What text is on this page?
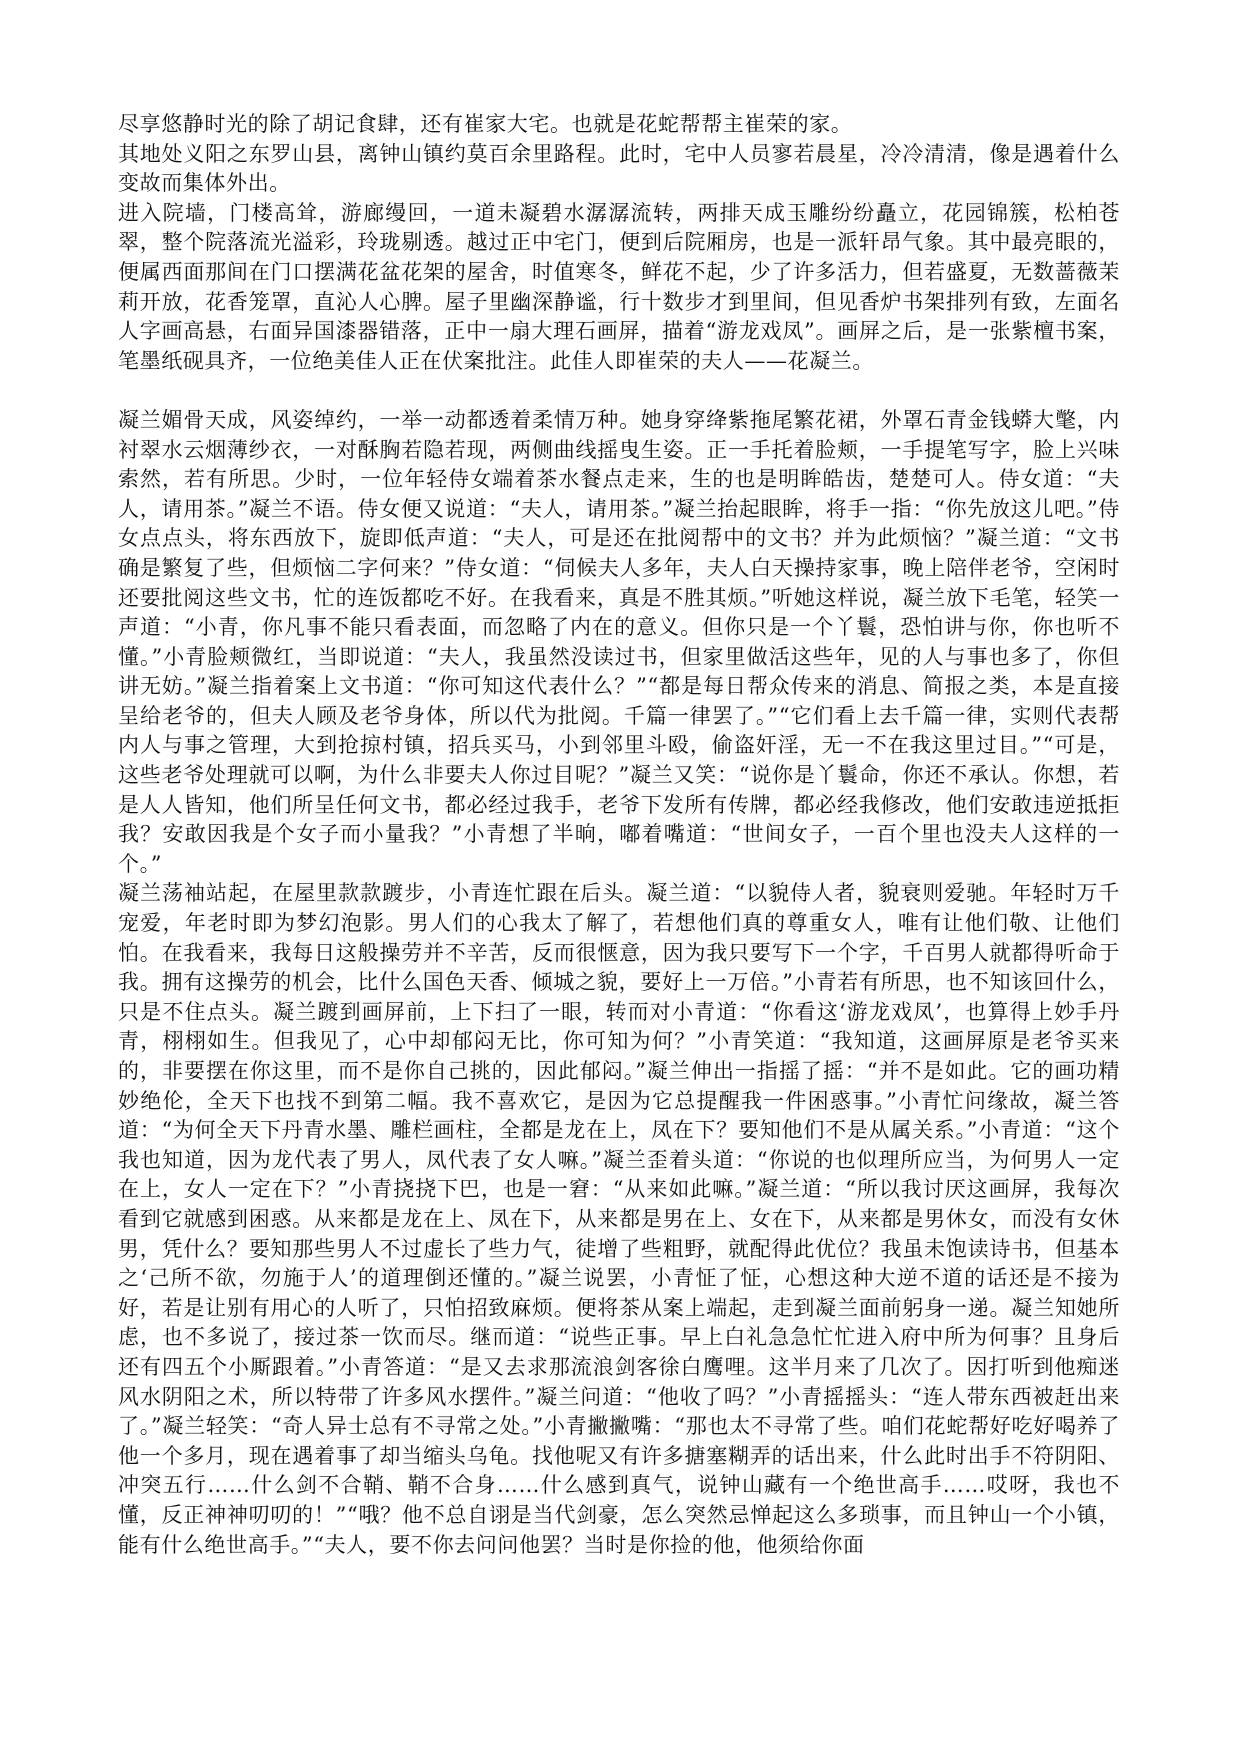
尽享悠静时光的除了胡记食肆，还有崔家大宅。也就是花蛇帮帮主崔荣的家。

其地处义阳之东罗山县，离钟山镇约莫百余里路程。此时，宅中人员寥若晨星，冷冷清清，像是遇着什么变故而集体外出。

进入院墙，门楼高耸，游廊缦回，一道未凝碧水潺潺流转，两排天成玉雕纷纷矗立，花园锦簇，松柏苍翠，整个院落流光溢彩，玲珑剔透。越过正中宅门，便到后院厢房，也是一派轩昂气象。其中最亮眼的，便属西面那间在门口摆满花盆花架的屋舍，时值寒冬，鲜花不起，少了许多活力，但若盛夏，无数蔷薇茉莉开放，花香笼罩，直沁人心脾。屋子里幽深静谧，行十数步才到里间，但见香炉书架排列有致，左面名人字画高悬，右面异国漆器错落，正中一扇大理石画屏，描着“游龙戏凤”。画屏之后，是一张紫檀书案，笔墨纸砚具齐，一位绝美佳人正在伏案批注。此佳人即崔荣的夫人——花凝兰。

凝兰媚骨天成，风姿绰约，一举一动都透着柔情万种。她身穿绛紫拖尾繁花裙，外罩石青金钱蟒大氅，内衬翠水云烟薄纱衣，一对酥胸若隐若现，两侧曲线摇曳生姿。正一手托着脸颊，一手提笔写字，脸上兴味索然，若有所思。少时，一位年轻侍女端着茶水餐点走来，生的也是明眸皓齿，楚楚可人。侍女道：“夫人，请用茶。”凝兰不语。侍女便又说道：“夫人，请用茶。”凝兰抬起眼眸，将手一指：“你先放这儿吧。”侍女点点头，将东西放下，旋即低声道：“夫人，可是还在批阅帮中的文书？并为此烦恼？”凝兰道：“文书确是繁复了些，但烦恼二字何来？”侍女道：“伺候夫人多年，夫人白天操持家事，晚上陪伴老爷，空闲时还要批阅这些文书，忙的连饭都吃不好。在我看来，真是不胜其烦。”听她这样说，凝兰放下毛笔，轻笑一声道：“小青，你凡事不能只看表面，而忽略了内在的意义。但你只是一个丫鬟，恐怕讲与你，你也听不懂。”小青脸颊微红，当即说道：“夫人，我虽然没读过书，但家里做活这些年，见的人与事也多了，你但讲无妨。”凝兰指着案上文书道：“你可知这代表什么？”“都是每日帮众传来的消息、简报之类，本是直接呈给老爷的，但夫人顾及老爷身体，所以代为批阅。千篇一律罢了。”“它们看上去千篇一律，实则代表帮内人与事之管理，大到抢掠村镇，招兵买马，小到邻里斗殴，偷盗奸淫，无一不在我这里过目。”“可是，这些老爷处理就可以啊，为什么非要夫人你过目呢？”凝兰又笑：“说你是丫鬟命，你还不承认。你想，若是人人皆知，他们所呈任何文书，都必经过我手，老爷下发所有传牌，都必经我修改，他们安敢违逆抵拒我？安敢因我是个女子而小量我？”小青想了半晌，嘟着嘴道：“世间女子，一百个里也没夫人这样的一个。”

凝兰荡袖站起，在屋里款款踱步，小青连忙跟在后头。凝兰道：“以貌侍人者，貌衰则爱驰。年轻时万千宠爱，年老时即为梦幻泡影。男人们的心我太了解了，若想他们真的尊重女人，唯有让他们敬、让他们怕。在我看来，我每日这般操劳并不辛苦，反而很惬意，因为我只要写下一个字，千百男人就都得听命于我。拥有这操劳的机会，比什么国色天香、倾城之貌，要好上一万倍。”小青若有所思，也不知该回什么，只是不住点头。凝兰踱到画屏前，上下扫了一眼，转而对小青道：“你看这‘游龙戏凤’，也算得上妙手丹青，栩栩如生。但我见了，心中却郁闷无比，你可知为何？”小青笑道：“我知道，这画屏原是老爷买来的，非要摆在你这里，而不是你自己挑的，因此郁闷。”凝兰伸出一指摇了摇：“并不是如此。它的画功精妙绝伦，全天下也找不到第二幅。我不喜欢它，是因为它总提醒我一件困惑事。”小青忙问缘故，凝兰答道：“为何全天下丹青水墨、雕栏画柱，全都是龙在上，凤在下？要知他们不是从属关系。”小青道：“这个我也知道，因为龙代表了男人，凤代表了女人嘛。”凝兰歪着头道：“你说的也似理所应当，为何男人一定在上，女人一定在下？”小青挠挠下巴，也是一窘：“从来如此嘛。”凝兰道：“所以我讨厌这画屏，我每次看到它就感到困惑。从来都是龙在上、凤在下，从来都是男在上、女在下，从来都是男休女，而没有女休男，凭什么？要知那些男人不过虚长了些力气，徒增了些粗野，就配得此优位？我虽未饱读诗书，但基本之‘己所不欲，勿施于人’的道理倒还懂的。”凝兰说罢，小青怔了怔，心想这种大逆不道的话还是不接为好，若是让别有用心的人听了，只怕招致麻烦。便将茶从案上端起，走到凝兰面前躬身一递。凝兰知她所虑，也不多说了，接过茶一饮而尽。继而道：“说些正事。早上白礼急急忙忙进入府中所为何事？且身后还有四五个小厮跟着。”小青答道：“是又去求那流浪剑客徐白鹰哩。这半月来了几次了。因打听到他痴迷风水阴阳之术，所以特带了许多风水摆件。”凝兰问道：“他收了吗？”小青摇摇头：“连人带东西被赶出来了。”凝兰轻笑：“奇人异士总有不寻常之处。”小青撇撇嘴：“那也太不寻常了些。咱们花蛇帮好吃好喝养了他一个多月，现在遇着事了却当缩头乌龟。找他呢又有许多搪塞糊弄的话出来，什么此时出手不符阴阳、冲突五行……什么剑不合鞘、鞘不合身……什么感到真气，说钟山藏有一个绝世高手……哎呀，我也不懂，反正神神叨叨的！”“哦？他不总自诩是当代剑豪，怎么突然忌惮起这么多琐事，而且钟山一个小镇，能有什么绝世高手。”“夫人，要不你去问问他罢？当时是你捡的他，他须给你面
